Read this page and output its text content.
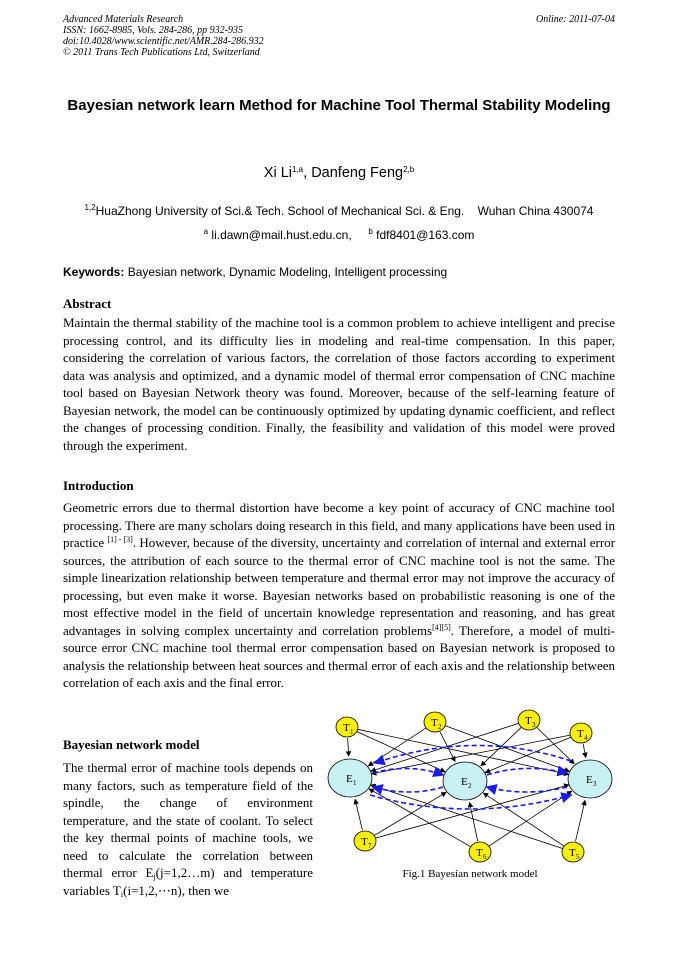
Advanced Materials Research
ISSN: 1662-8985, Vols. 284-286, pp 932-935
doi:10.4028/www.scientific.net/AMR.284-286.932
© 2011 Trans Tech Publications Ltd, Switzerland
Online: 2011-07-04
Bayesian network learn Method for Machine Tool Thermal Stability Modeling
Xi Li$^{1,a}$, Danfeng Feng$^{2,b}$
$^{1,2}$HuaZhong University of Sci.& Tech. School of Mechanical Sci. & Eng.    Wuhan China 430074
$^a$ li.dawn@mail.hust.edu.cn, $^b$ fdf8401@163.com
Keywords: Bayesian network, Dynamic Modeling, Intelligent processing
Abstract
Maintain the thermal stability of the machine tool is a common problem to achieve intelligent and precise processing control, and its difficulty lies in modeling and real-time compensation. In this paper, considering the correlation of various factors, the correlation of those factors according to experiment data was analysis and optimized, and a dynamic model of thermal error compensation of CNC machine tool based on Bayesian Network theory was found. Moreover, because of the self-learning feature of Bayesian network, the model can be continuously optimized by updating dynamic coefficient, and reflect the changes of processing condition. Finally, the feasibility and validation of this model were proved through the experiment.
Introduction
Geometric errors due to thermal distortion have become a key point of accuracy of CNC machine tool processing. There are many scholars doing research in this field, and many applications have been used in practice [1] - [3]. However, because of the diversity, uncertainty and correlation of internal and external error sources, the attribution of each source to the thermal error of CNC machine tool is not the same. The simple linearization relationship between temperature and thermal error may not improve the accuracy of processing, but even make it worse. Bayesian networks based on probabilistic reasoning is one of the most effective model in the field of uncertain knowledge representation and reasoning, and has great advantages in solving complex uncertainty and correlation problems[4][5]. Therefore, a model of multi-source error CNC machine tool thermal error compensation based on Bayesian network is proposed to analysis the relationship between heat sources and thermal error of each axis and the relationship between correlation of each axis and the final error.
Bayesian network model
The thermal error of machine tools depends on many factors, such as temperature field of the spindle, the change of environment temperature, and the state of coolant. To select the key thermal points of machine tools, we need to calculate the correlation between thermal error $E_j(j=1,2\dots m)$ and temperature variables $T_i(i=1,2,\cdots n)$, then we
T 1
T 2	T 3
T 4
T 5
T 6
T 7
E 1	E 2	E 3
Fig.1 Bayesian network model
